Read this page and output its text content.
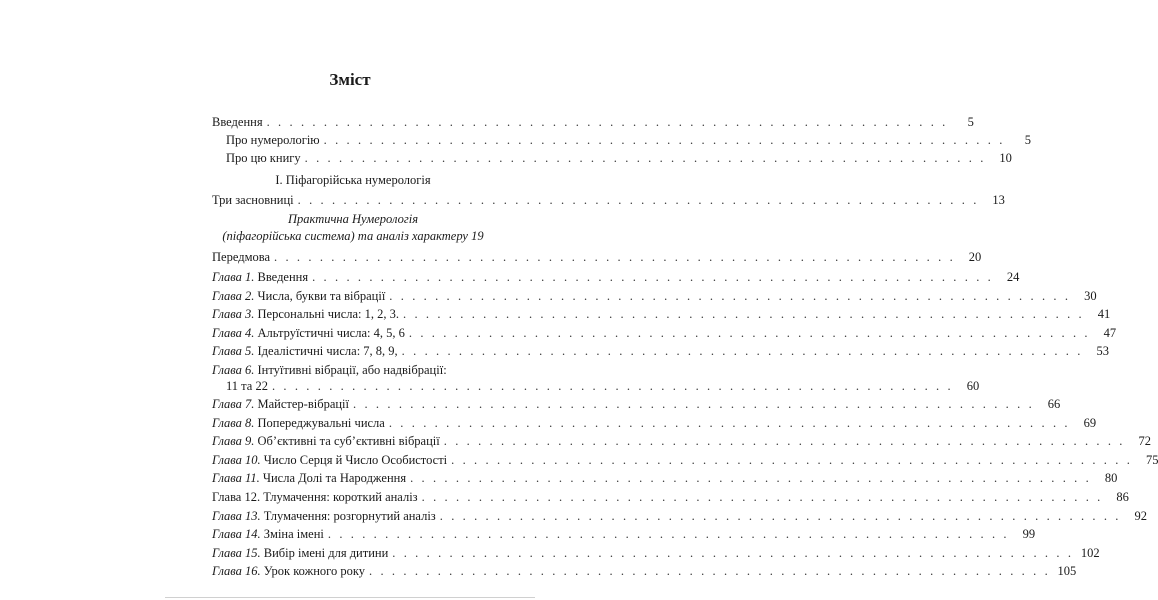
Зміст
Введення . . . . . . . . . . . . . . . . . . . . . . . . . . . . . . . . . . . . . . . . . . . . . . . . . . . . . . . . . . . .	5
Про нумерологію . . . . . . . . . . . . . . . . . . . . . . . . . . . . . . . . . . . . . . . . . . . . . . . . . . . . . . . . . . . .	5
Про цю книгу . . . . . . . . . . . . . . . . . . . . . . . . . . . . . . . . . . . . . . . . . . . . . . . . . . . . . . . . . . . .	10
I. Піфагорійська нумерологія
Три засновниці . . . . . . . . . . . . . . . . . . . . . . . . . . . . . . . . . . . . . . . . . . . . . . . . . . . . . . . . . . . .	13
Практична Нумерологія
(піфагорійська система) та аналіз характеру 19
Передмова . . . . . . . . . . . . . . . . . . . . . . . . . . . . . . . . . . . . . . . . . . . . . . . . . . . . . . . . . . . .	20
Глава 1. Введення . . . . . . . . . . . . . . . . . . . . . . . . . . . . . . . . . . . . . . . . . . . . . . . . . . . . . . . . . . . .	24
Глава 2. Числа, букви та вібрації . . . . . . . . . . . . . . . . . . . . . . . . . . . . . . . . . . . . . . . . . . . . . . . . . . . . . . . . . . . .	30
Глава 3. Персональні числа: 1, 2, 3. . . . . . . . . . . . . . . . . . . . . . . . . . . . . . . . . . . . . . . . . . . . . . . . . . . . . . . . . . . . .	41
Глава 4. Альтруїстичні числа: 4, 5, 6 . . . . . . . . . . . . . . . . . . . . . . . . . . . . . . . . . . . . . . . . . . . . . . . . . . . . . . . . . . . .	47
Глава 5. Ідеалістичні числа: 7, 8, 9, . . . . . . . . . . . . . . . . . . . . . . . . . . . . . . . . . . . . . . . . . . . . . . . . . . . . . . . . . . . .	53
Глава 6. Інтуїтивні вібрації, або надвібрації:
11 та 22 . . . . . . . . . . . . . . . . . . . . . . . . . . . . . . . . . . . . . . . . . . . . . . . . . . . . . . . . . . . .	60
Глава 7. Майстер-вібрації . . . . . . . . . . . . . . . . . . . . . . . . . . . . . . . . . . . . . . . . . . . . . . . . . . . . . . . . . . . .	66
Глава 8. Попереджувальні числа . . . . . . . . . . . . . . . . . . . . . . . . . . . . . . . . . . . . . . . . . . . . . . . . . . . . . . . . . . . .	69
Глава 9. Об’єктивні та суб’єктивні вібрації . . . . . . . . . . . . . . . . . . . . . . . . . . . . . . . . . . . . . . . . . . . . . . . . . . . . . . . . . . . .	72
Глава 10. Число Серця й Число Особистості . . . . . . . . . . . . . . . . . . . . . . . . . . . . . . . . . . . . . . . . . . . . . . . . . . . . . . . . . . . .	75
Глава 11. Числа Долі та Народження . . . . . . . . . . . . . . . . . . . . . . . . . . . . . . . . . . . . . . . . . . . . . . . . . . . . . . . . . . . .	80
Глава 12. Тлумачення: короткий аналіз . . . . . . . . . . . . . . . . . . . . . . . . . . . . . . . . . . . . . . . . . . . . . . . . . . . . . . . . . . . .	86
Глава 13. Тлумачення: розгорнутий аналіз . . . . . . . . . . . . . . . . . . . . . . . . . . . . . . . . . . . . . . . . . . . . . . . . . . . . . . . . . . . .	92
Глава 14. Зміна імені . . . . . . . . . . . . . . . . . . . . . . . . . . . . . . . . . . . . . . . . . . . . . . . . . . . . . . . . . . . .	99
Глава 15. Вибір імені для дитини . . . . . . . . . . . . . . . . . . . . . . . . . . . . . . . . . . . . . . . . . . . . . . . . . . . . . . . . . . . . 102
Глава 16. Урок кожного року . . . . . . . . . . . . . . . . . . . . . . . . . . . . . . . . . . . . . . . . . . . . . . . . . . . . . . . . . . . . 105
